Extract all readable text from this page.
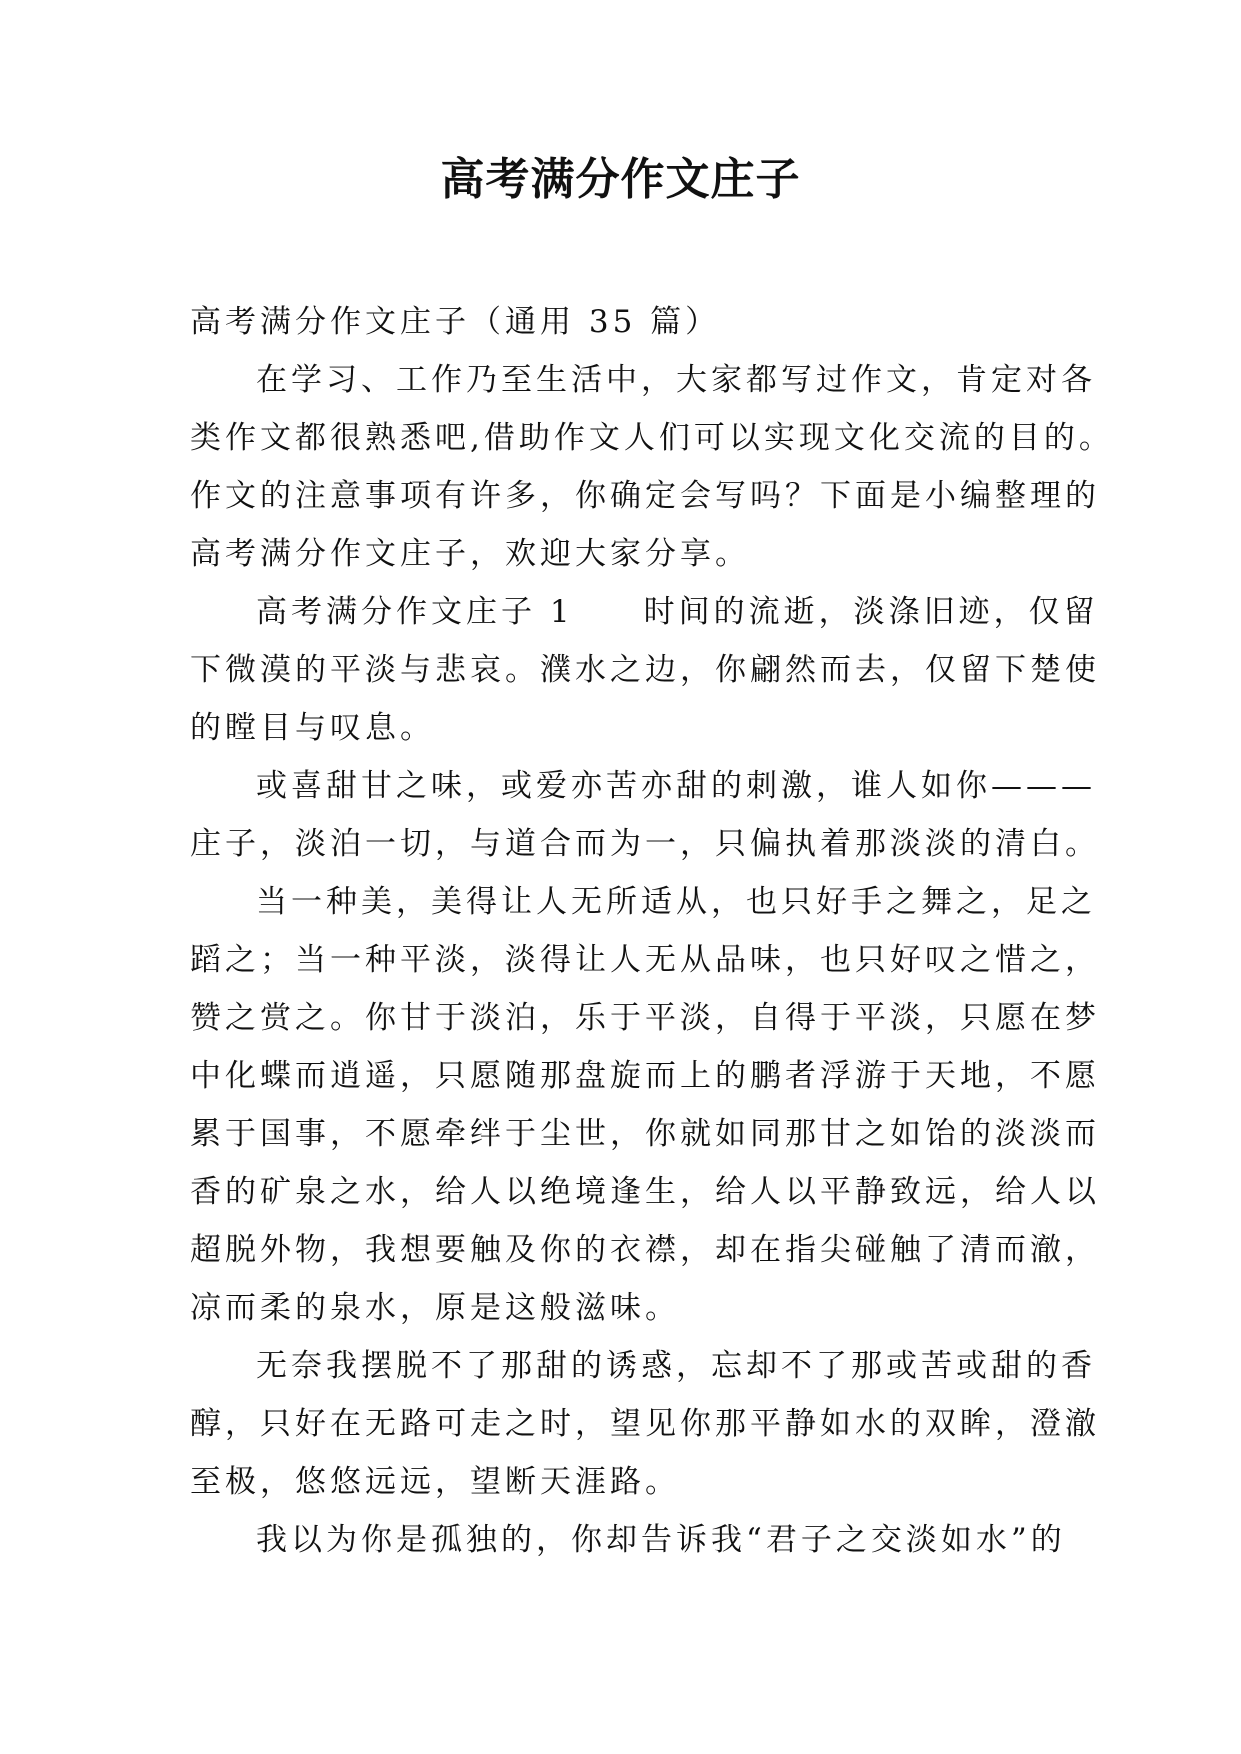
高考满分作文庄子
高考满分作文庄子（通用 35 篇）
在学习、工作乃至生活中，大家都写过作文，肯定对各
类作文都很熟悉吧,借助作文人们可以实现文化交流的目的。
作文的注意事项有许多，你确定会写吗？下面是小编整理的
高考满分作文庄子，欢迎大家分享。
高考满分作文庄子 1　　时间的流逝，淡涤旧迹，仅留
下微漠的平淡与悲哀。濮水之边，你翩然而去，仅留下楚使
的瞠目与叹息。
或喜甜甘之味，或爱亦苦亦甜的刺激，谁人如你———
庄子，淡泊一切，与道合而为一，只偏执着那淡淡的清白。
当一种美，美得让人无所适从，也只好手之舞之，足之
蹈之；当一种平淡，淡得让人无从品味，也只好叹之惜之，
赞之赏之。你甘于淡泊，乐于平淡，自得于平淡，只愿在梦
中化蝶而逍遥，只愿随那盘旋而上的鹏者浮游于天地，不愿
累于国事，不愿牵绊于尘世，你就如同那甘之如饴的淡淡而
香的矿泉之水，给人以绝境逢生，给人以平静致远，给人以
超脱外物，我想要触及你的衣襟，却在指尖碰触了清而澈，
凉而柔的泉水，原是这般滋味。
无奈我摆脱不了那甜的诱惑，忘却不了那或苦或甜的香
醇，只好在无路可走之时，望见你那平静如水的双眸，澄澈
至极，悠悠远远，望断天涯路。
我以为你是孤独的，你却告诉我“君子之交淡如水”的
